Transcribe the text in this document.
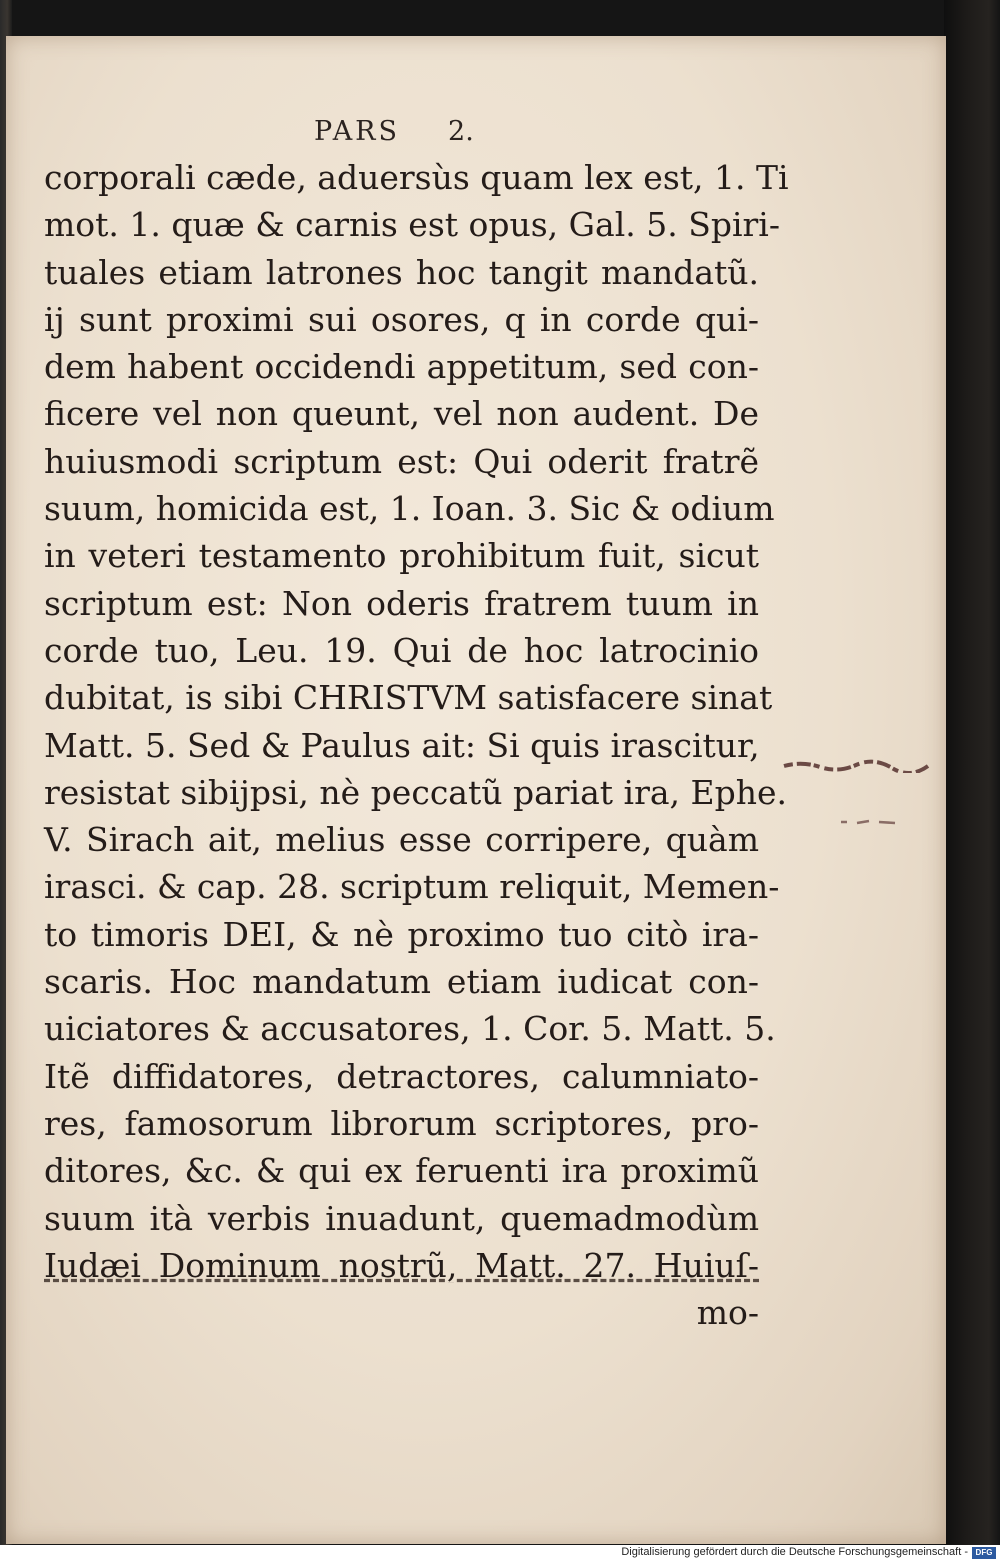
PARS 2.
corporali cæde, aduersùs quam lex est, 1. Ti
mot. 1. quæ & carnis est opus, Gal. 5. Spiri-
tuales etiam latrones hoc tangit mandatũ.
ij sunt proximi sui osores, q in corde qui-
dem habent occidendi appetitum, sed con-
ficere vel non queunt, vel non audent. De
huiusmodi scriptum est: Qui oderit fratrẽ
suum, homicida est, 1. Ioan. 3. Sic & odium
in veteri testamento prohibitum fuit, sicut
scriptum est: Non oderis fratrem tuum in
corde tuo, Leu. 19. Qui de hoc latrocinio
dubitat, is sibi CHRISTVM satisfacere sinat
Matt. 5. Sed & Paulus ait: Si quis irascitur,
resistat sibijpsi, nè peccatũ pariat ira, Ephe.
V. Sirach ait, melius esse corripere, quàm
irasci. & cap. 28. scriptum reliquit, Memen-
to timoris DEI, & nè proximo tuo citò ira-
scaris. Hoc mandatum etiam iudicat con-
uiciatores & accusatores, 1. Cor. 5. Matt. 5.
Itẽ diffidatores, detractores, calumniato-
res, famosorum librorum scriptores, pro-
ditores, &c. & qui ex feruenti ira proximũ
suum ità verbis inuadunt, quemadmodùm
Iudæi Dominum nostrũ, Matt. 27. Huiuſ-
mo-
Digitalisierung gefördert durch die Deutsche Forschungsgemeinschaft - DFG
